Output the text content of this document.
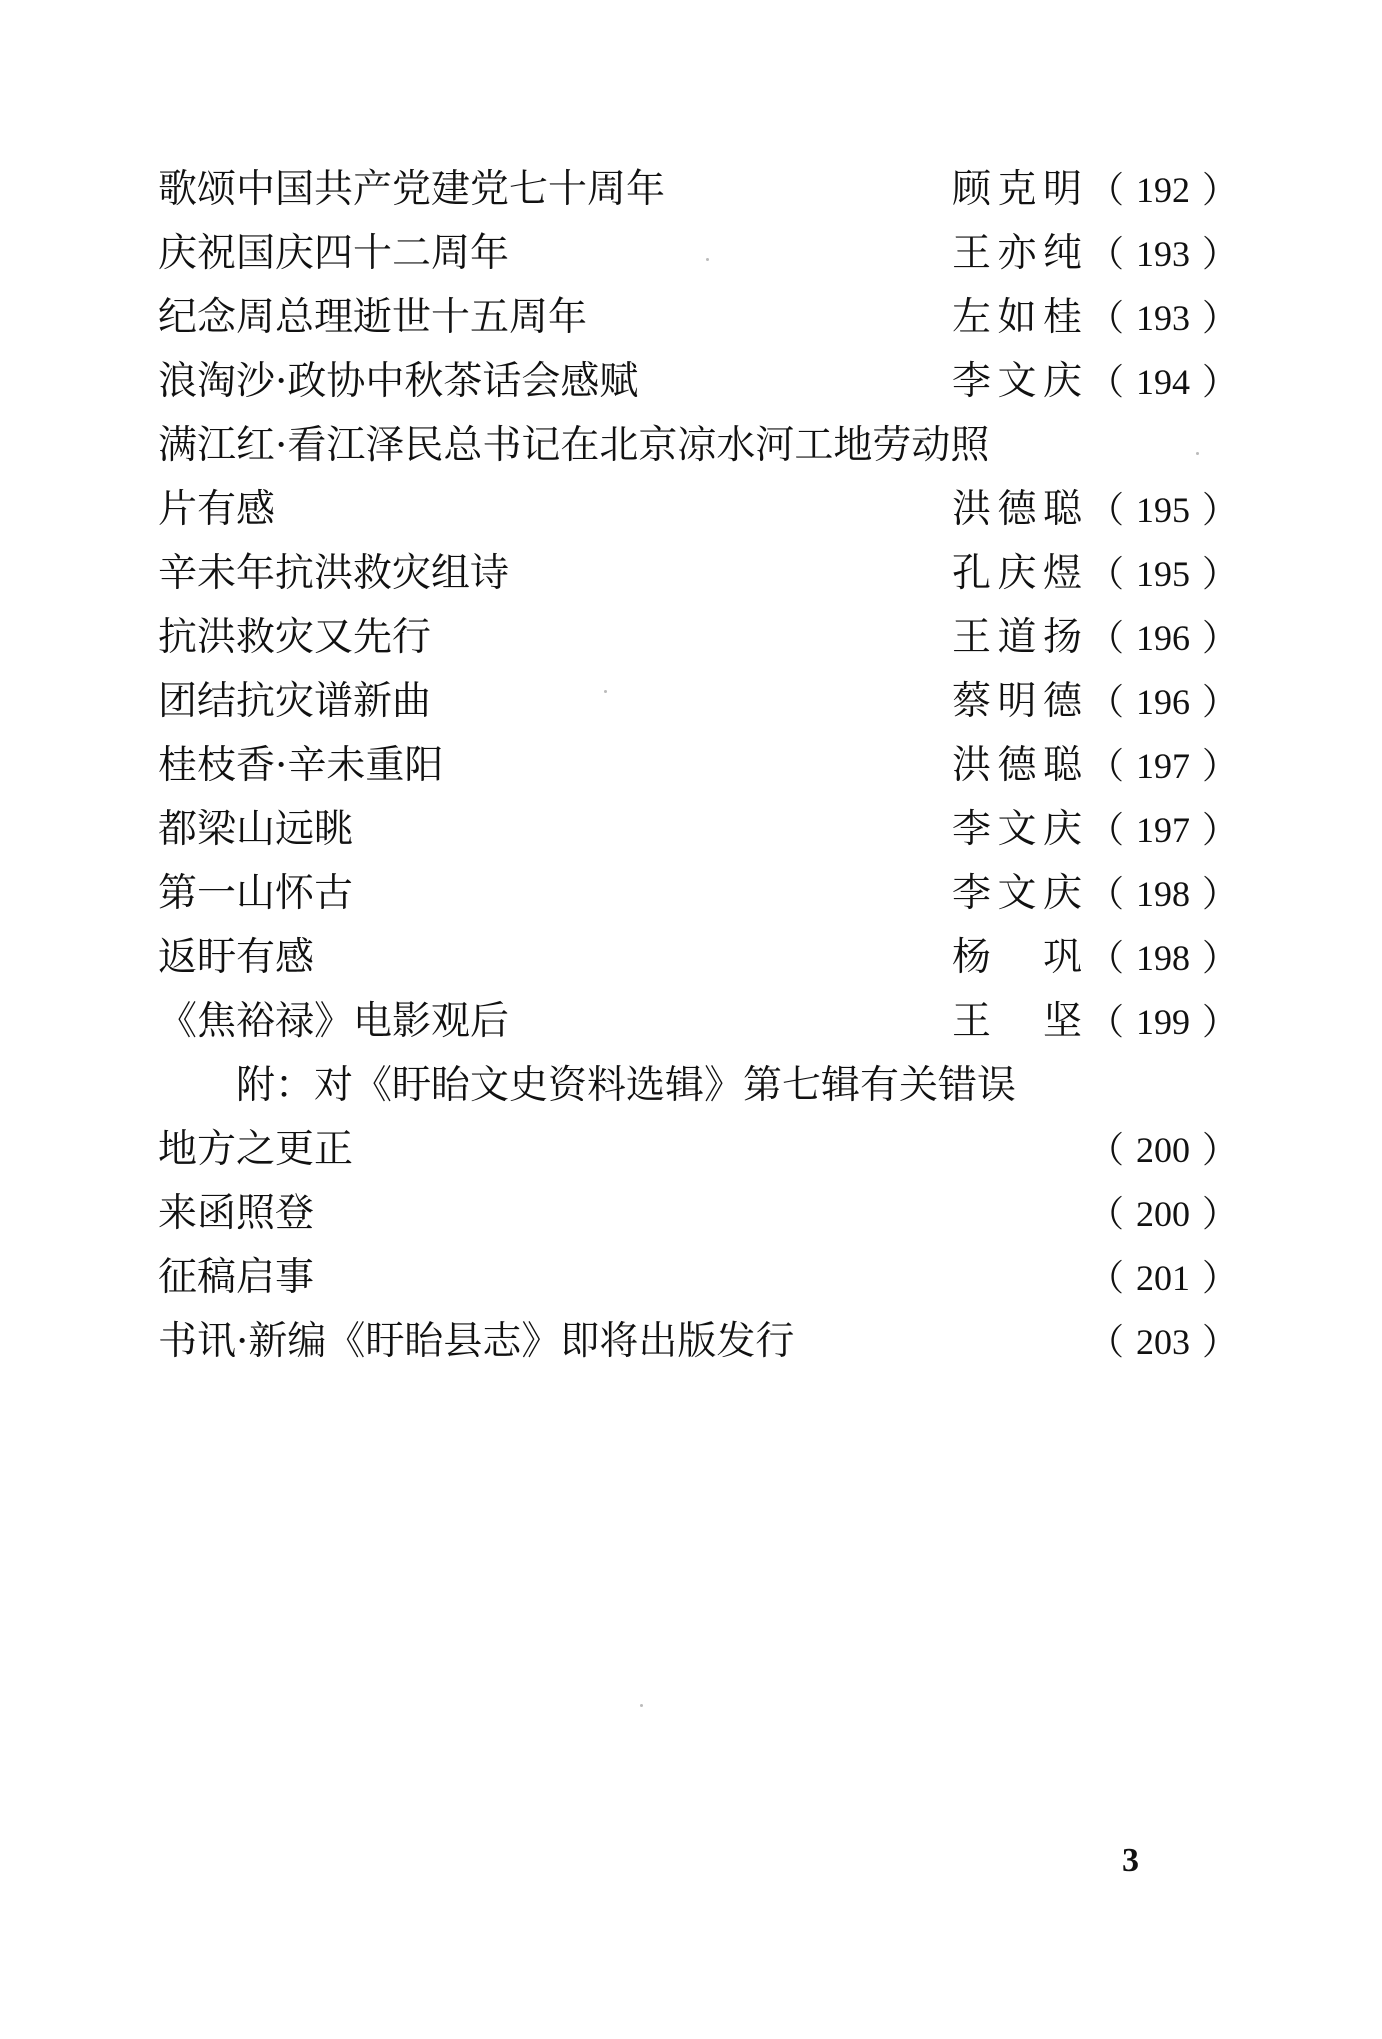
歌颂中国共产党建党七十周年	顾克明 （ 192 ）
庆祝国庆四十二周年	王亦纯 （ 193 ）
纪念周总理逝世十五周年	左如桂 （ 193 ）
浪淘沙·政协中秋茶话会感赋	李文庆 （ 194 ）
满江红·看江泽民总书记在北京凉水河工地劳动照
片有感	洪德聪 （ 195 ）
辛未年抗洪救灾组诗	孔庆煜 （ 195 ）
抗洪救灾又先行	王道扬 （ 196 ）
团结抗灾谱新曲	蔡明德 （ 196 ）
桂枝香·辛未重阳	洪德聪 （ 197 ）
都梁山远眺	李文庆 （ 197 ）
第一山怀古	李文庆 （ 198 ）
返盱有感	杨　巩 （ 198 ）
《焦裕禄》电影观后	王　坚 （ 199 ）
附：对《盱眙文史资料选辑》第七辑有关错误
地方之更正	（ 200 ）
来函照登	（ 200 ）
征稿启事	（ 201 ）
书讯·新编《盱眙县志》即将出版发行	（ 203 ）
3
